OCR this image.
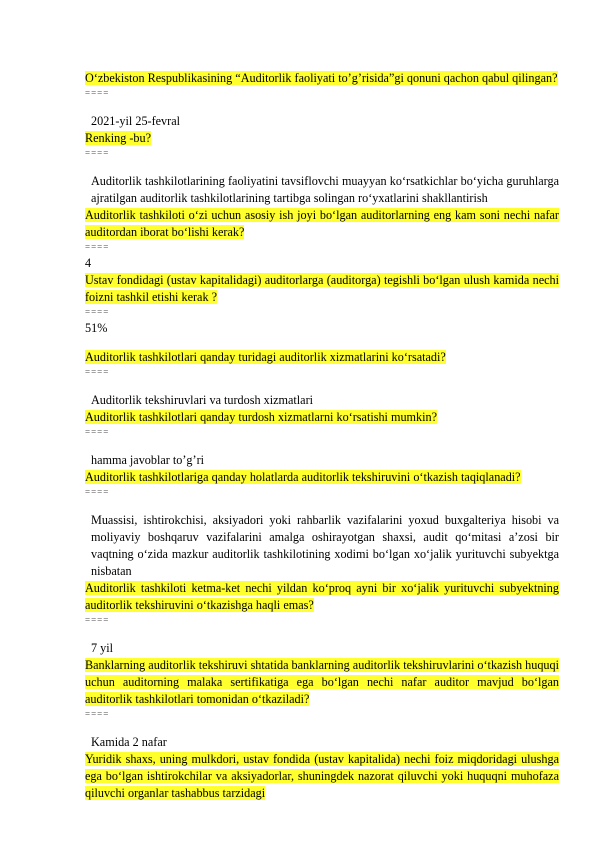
O‘zbekiston Respublikasining “Auditorlik faoliyati to’g’risida”gi qonuni qachon qabul qilingan?

====

2021-yil 25-fevral

Renking -bu?

====

Auditorlik tashkilotlarining faoliyatini tavsiflovchi muayyan ko‘rsatkichlar bo‘yicha guruhlarga ajratilgan auditorlik tashkilotlarining tartibga solingan ro‘yxatlarini shakllantirish

Auditorlik tashkiloti o‘zi uchun asosiy ish joyi bo‘lgan auditorlarning eng kam soni nechi nafar auditordan iborat bo‘lishi kerak?

====

4

Ustav fondidagi (ustav kapitalidagi) auditorlarga (auditorga) tegishli bo‘lgan ulush kamida nechi foizni tashkil etishi kerak ?

====

51%

Auditorlik tashkilotlari qanday turidagi auditorlik xizmatlarini ko‘rsatadi?

====

Auditorlik tekshiruvlari va turdosh xizmatlari

Auditorlik tashkilotlari qanday turdosh xizmatlarni ko‘rsatishi mumkin?

====

hamma javoblar to’g’ri

Auditorlik tashkilotlariga qanday holatlarda auditorlik tekshiruvini o‘tkazish taqiqlanadi?

====

Muassisi, ishtirokchisi, aksiyadori yoki rahbarlik vazifalarini yoxud buxgalteriya hisobi va moliyaviy boshqaruv vazifalarini amalga oshirayotgan shaxsi, audit qo‘mitasi a’zosi bir vaqtning o‘zida mazkur auditorlik tashkilotining xodimi bo‘lgan xo‘jalik yurituvchi subyektga nisbatan

Auditorlik tashkiloti ketma-ket nechi yildan ko‘proq ayni bir xo‘jalik yurituvchi subyektning auditorlik tekshiruvini o‘tkazishga haqli emas?

====

7 yil

Banklarning auditorlik tekshiruvi shtatida banklarning auditorlik tekshiruvlarini o‘tkazish huquqi uchun auditorning malaka sertifikatiga ega bo‘lgan nechi nafar auditor mavjud bo‘lgan auditorlik tashkilotlari tomonidan o‘tkaziladi?

====

Kamida 2 nafar

Yuridik shaxs, uning mulkdori, ustav fondida (ustav kapitalida) nechi foiz miqdoridagi ulushga ega bo‘lgan ishtirokchilar va aksiyadorlar, shuningdek nazorat qiluvchi yoki huquqni muhofaza qiluvchi organlar tashabbus tarzidagi
